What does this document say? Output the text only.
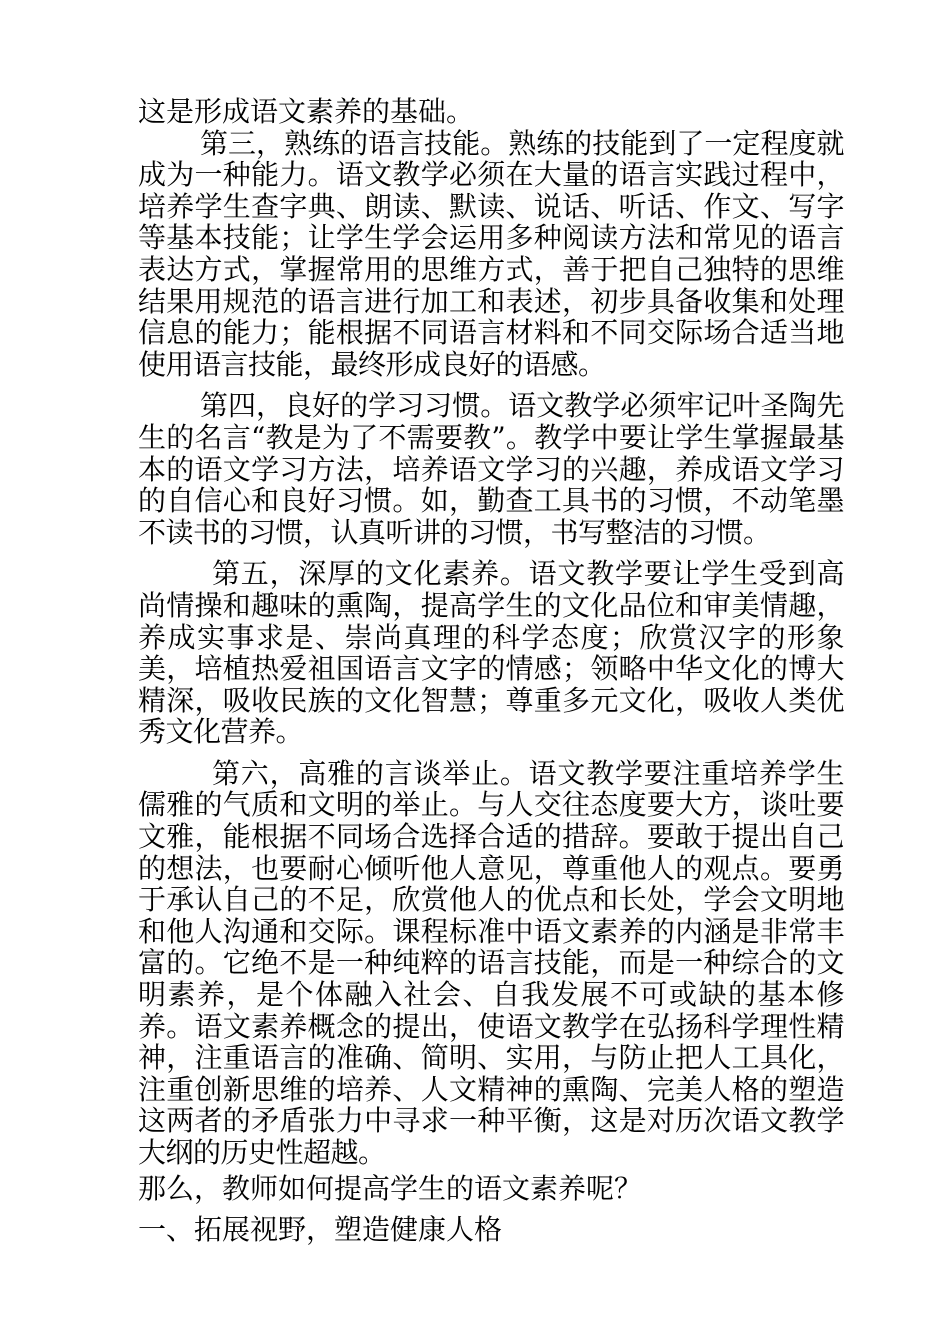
这是形成语文素养的基础。

第三，熟练的语言技能。熟练的技能到了一定程度就成为一种能力。语文教学必须在大量的语言实践过程中，培养学生查字典、朗读、默读、说话、听话、作文、写字等基本技能；让学生学会运用多种阅读方法和常见的语言表达方式，掌握常用的思维方式，善于把自己独特的思维结果用规范的语言进行加工和表述，初步具备收集和处理信息的能力；能根据不同语言材料和不同交际场合适当地使用语言技能，最终形成良好的语感。

第四，良好的学习习惯。语文教学必须牢记叶圣陶先生的名言“教是为了不需要教”。教学中要让学生掌握最基本的语文学习方法，培养语文学习的兴趣，养成语文学习的自信心和良好习惯。如，勤查工具书的习惯，不动笔墨不读书的习惯，认真听讲的习惯，书写整洁的习惯。

第五，深厚的文化素养。语文教学要让学生受到高尚情操和趣味的熏陶，提高学生的文化品位和审美情趣，养成实事求是、崇尚真理的科学态度；欣赏汉字的形象美，培植热爱祖国语言文字的情感；领略中华文化的博大精深，吸收民族的文化智慧；尊重多元文化，吸收人类优秀文化营养。

第六，高雅的言谈举止。语文教学要注重培养学生儒雅的气质和文明的举止。与人交往态度要大方，谈吐要文雅，能根据不同场合选择合适的措辞。要敢于提出自己的想法，也要耐心倾听他人意见，尊重他人的观点。要勇于承认自己的不足，欣赏他人的优点和长处，学会文明地和他人沟通和交际。课程标准中语文素养的内涵是非常丰富的。它绝不是一种纯粹的语言技能，而是一种综合的文明素养，是个体融入社会、自我发展不可或缺的基本修养。语文素养概念的提出，使语文教学在弘扬科学理性精神，注重语言的准确、简明、实用，与防止把人工具化，注重创新思维的培养、人文精神的熏陶、完美人格的塑造这两者的矛盾张力中寻求一种平衡，这是对历次语文教学大纲的历史性超越。

那么，教师如何提高学生的语文素养呢？

一、拓展视野，塑造健康人格
